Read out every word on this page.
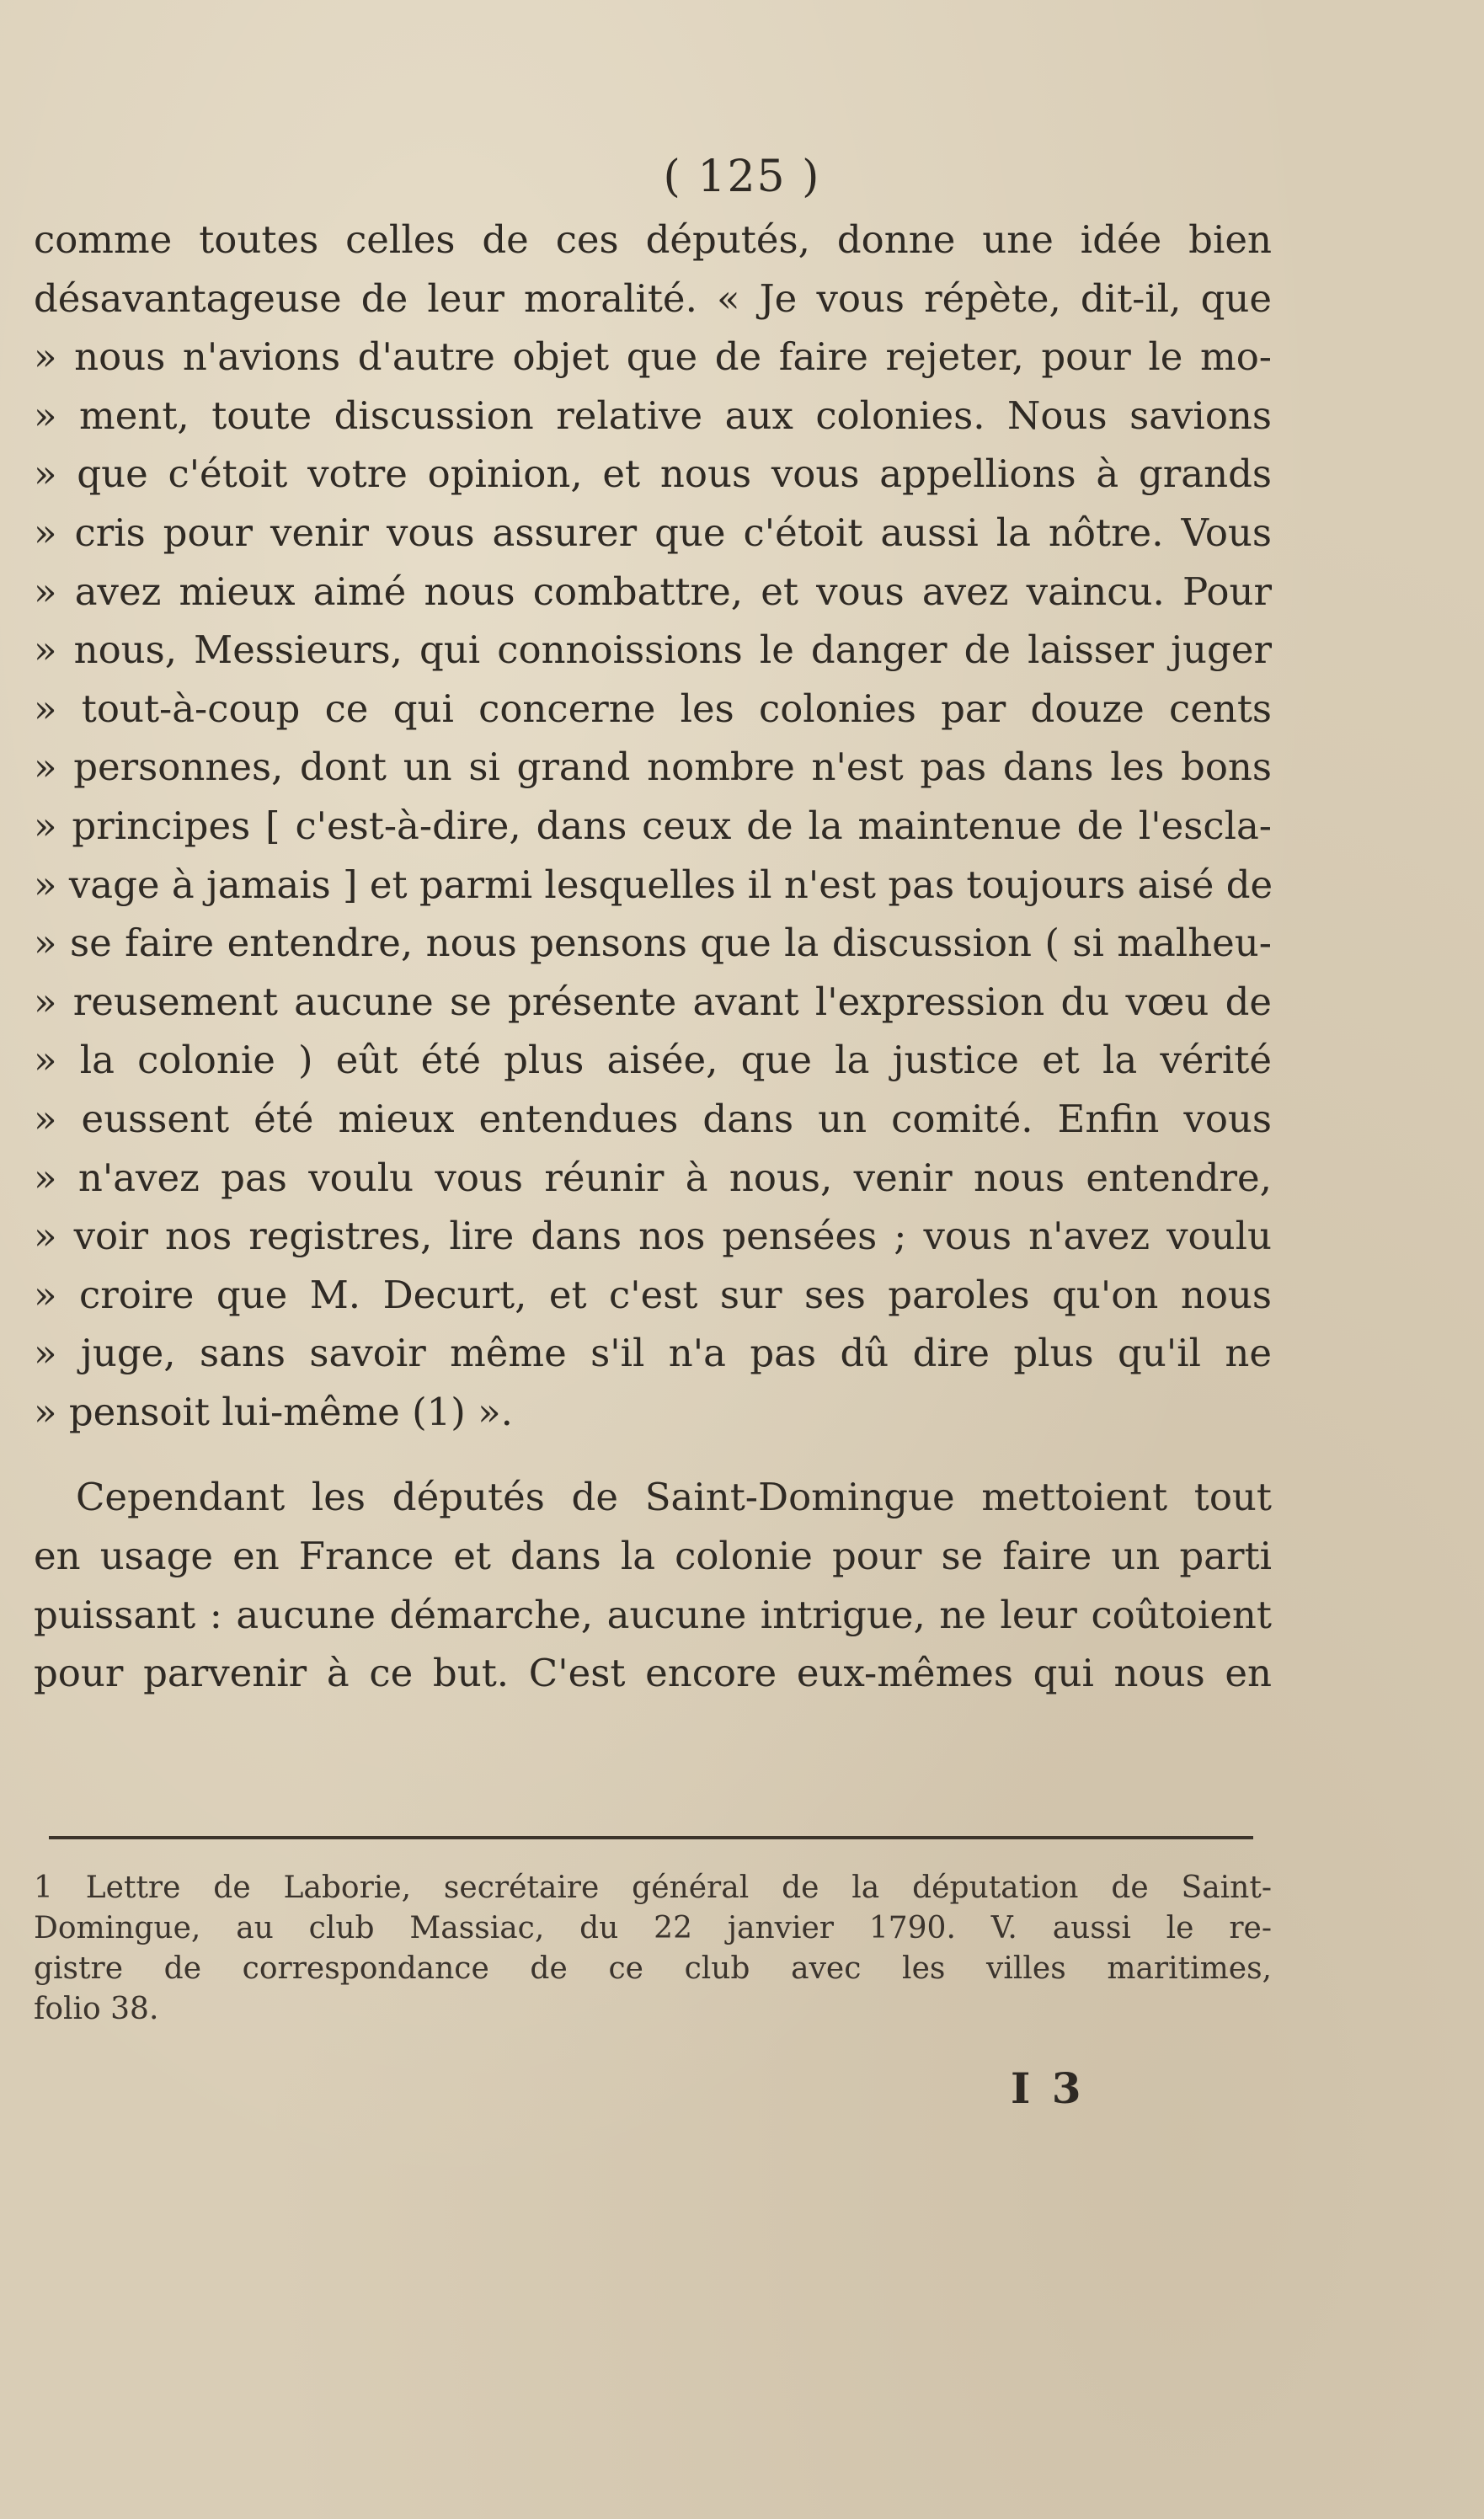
( 125 )
comme toutes celles de ces députés, donne une idée bien
désavantageuse de leur moralité. « Je vous répète, dit-il, que
» nous n'avions d'autre objet que de faire rejeter, pour le mo-
» ment, toute discussion relative aux colonies. Nous savions
» que c'étoit votre opinion, et nous vous appellions à grands
» cris pour venir vous assurer que c'étoit aussi la nôtre. Vous
» avez mieux aimé nous combattre, et vous avez vaincu. Pour
» nous, Messieurs, qui connoissions le danger de laisser juger
» tout-à-coup ce qui concerne les colonies par douze cents
» personnes, dont un si grand nombre n'est pas dans les bons
» principes [ c'est-à-dire, dans ceux de la maintenue de l'escla-
» vage à jamais ] et parmi lesquelles il n'est pas toujours aisé de
» se faire entendre, nous pensons que la discussion ( si malheu-
» reusement aucune se présente avant l'expression du vœu de
» la colonie ) eût été plus aisée, que la justice et la vérité
» eussent été mieux entendues dans un comité. Enfin vous
» n'avez pas voulu vous réunir à nous, venir nous entendre,
» voir nos registres, lire dans nos pensées ; vous n'avez voulu
» croire que M. Decurt, et c'est sur ses paroles qu'on nous
» juge, sans savoir même s'il n'a pas dû dire plus qu'il ne
» pensoit lui-même (1) ».
Cependant les députés de Saint-Domingue mettoient tout
en usage en France et dans la colonie pour se faire un parti
puissant : aucune démarche, aucune intrigue, ne leur coûtoient
pour parvenir à ce but. C'est encore eux-mêmes qui nous en
1 Lettre de Laborie, secrétaire général de la députation de Saint-
Domingue, au club Massiac, du 22 janvier 1790. V. aussi le re-
gistre de correspondance de ce club avec les villes maritimes,
folio 38.
I 3
